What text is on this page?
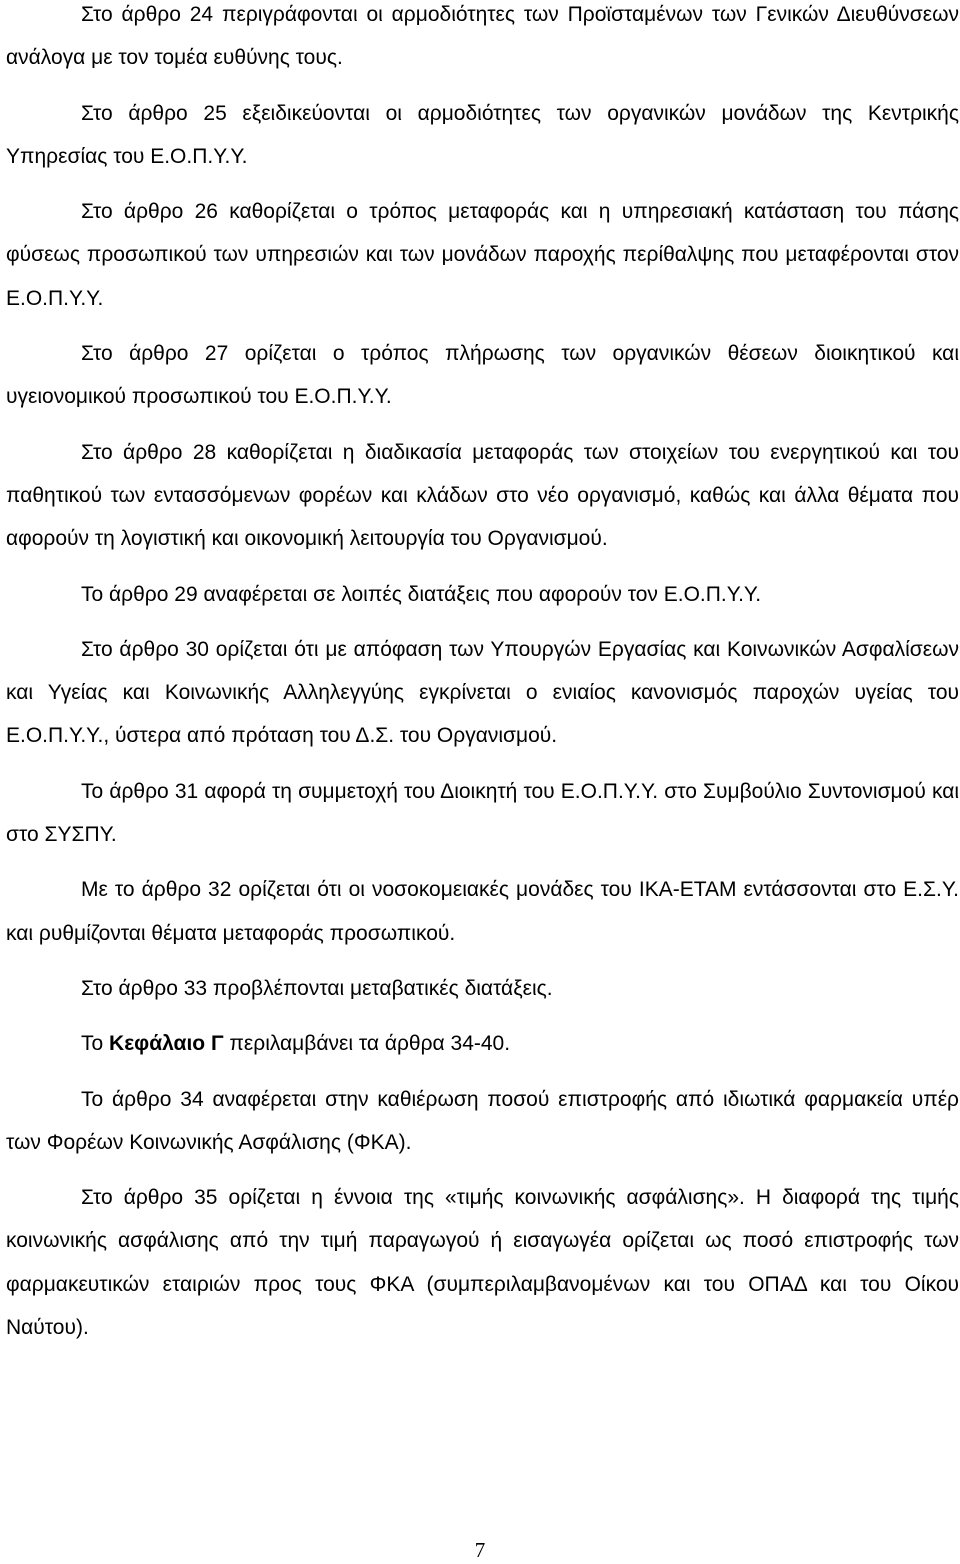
Στο άρθρο 24 περιγράφονται οι αρμοδιότητες των Προϊσταμένων των Γενικών Διευθύνσεων ανάλογα με τον τομέα ευθύνης τους.

Στο άρθρο 25 εξειδικεύονται οι αρμοδιότητες των οργανικών μονάδων της Κεντρικής Υπηρεσίας του Ε.Ο.Π.Υ.Υ.

Στο άρθρο 26 καθορίζεται ο τρόπος μεταφοράς και η υπηρεσιακή κατάσταση του πάσης φύσεως προσωπικού των υπηρεσιών και των μονάδων παροχής περίθαλψης που μεταφέρονται στον Ε.Ο.Π.Υ.Υ.

Στο άρθρο 27 ορίζεται ο τρόπος πλήρωσης των οργανικών θέσεων διοικητικού και υγειονομικού προσωπικού του Ε.Ο.Π.Υ.Υ.

Στο άρθρο 28 καθορίζεται η διαδικασία μεταφοράς των στοιχείων του ενεργητικού και του παθητικού των εντασσόμενων φορέων και κλάδων στο νέο οργανισμό, καθώς και άλλα θέματα που αφορούν τη λογιστική και οικονομική λειτουργία του Οργανισμού.

Το άρθρο 29 αναφέρεται σε λοιπές διατάξεις που αφορούν τον Ε.Ο.Π.Υ.Υ.

Στο άρθρο 30 ορίζεται ότι με απόφαση των Υπουργών Εργασίας και Κοινωνικών Ασφαλίσεων και Υγείας και Κοινωνικής Αλληλεγγύης εγκρίνεται ο ενιαίος κανονισμός παροχών υγείας του Ε.Ο.Π.Υ.Υ., ύστερα από πρόταση του Δ.Σ. του Οργανισμού.

Το άρθρο 31 αφορά τη συμμετοχή του Διοικητή του Ε.Ο.Π.Υ.Υ. στο Συμβούλιο Συντονισμού και στο ΣΥΣΠΥ.

Με το άρθρο 32 ορίζεται ότι οι νοσοκομειακές μονάδες του ΙΚΑ-ΕΤΑΜ εντάσσονται στο Ε.Σ.Υ. και ρυθμίζονται θέματα μεταφοράς προσωπικού.

Στο άρθρο 33 προβλέπονται μεταβατικές διατάξεις.

Το Κεφάλαιο Γ περιλαμβάνει τα άρθρα 34-40.

Το άρθρο 34 αναφέρεται στην καθιέρωση ποσού επιστροφής από ιδιωτικά φαρμακεία υπέρ των Φορέων Κοινωνικής Ασφάλισης (ΦΚΑ).

Στο άρθρο 35 ορίζεται η έννοια της «τιμής κοινωνικής ασφάλισης». Η διαφορά της τιμής κοινωνικής ασφάλισης από την τιμή παραγωγού ή εισαγωγέα ορίζεται ως ποσό επιστροφής των φαρμακευτικών εταιριών προς τους ΦΚΑ (συμπεριλαμβανομένων και του ΟΠΑΔ και του Οίκου Ναύτου).

7
